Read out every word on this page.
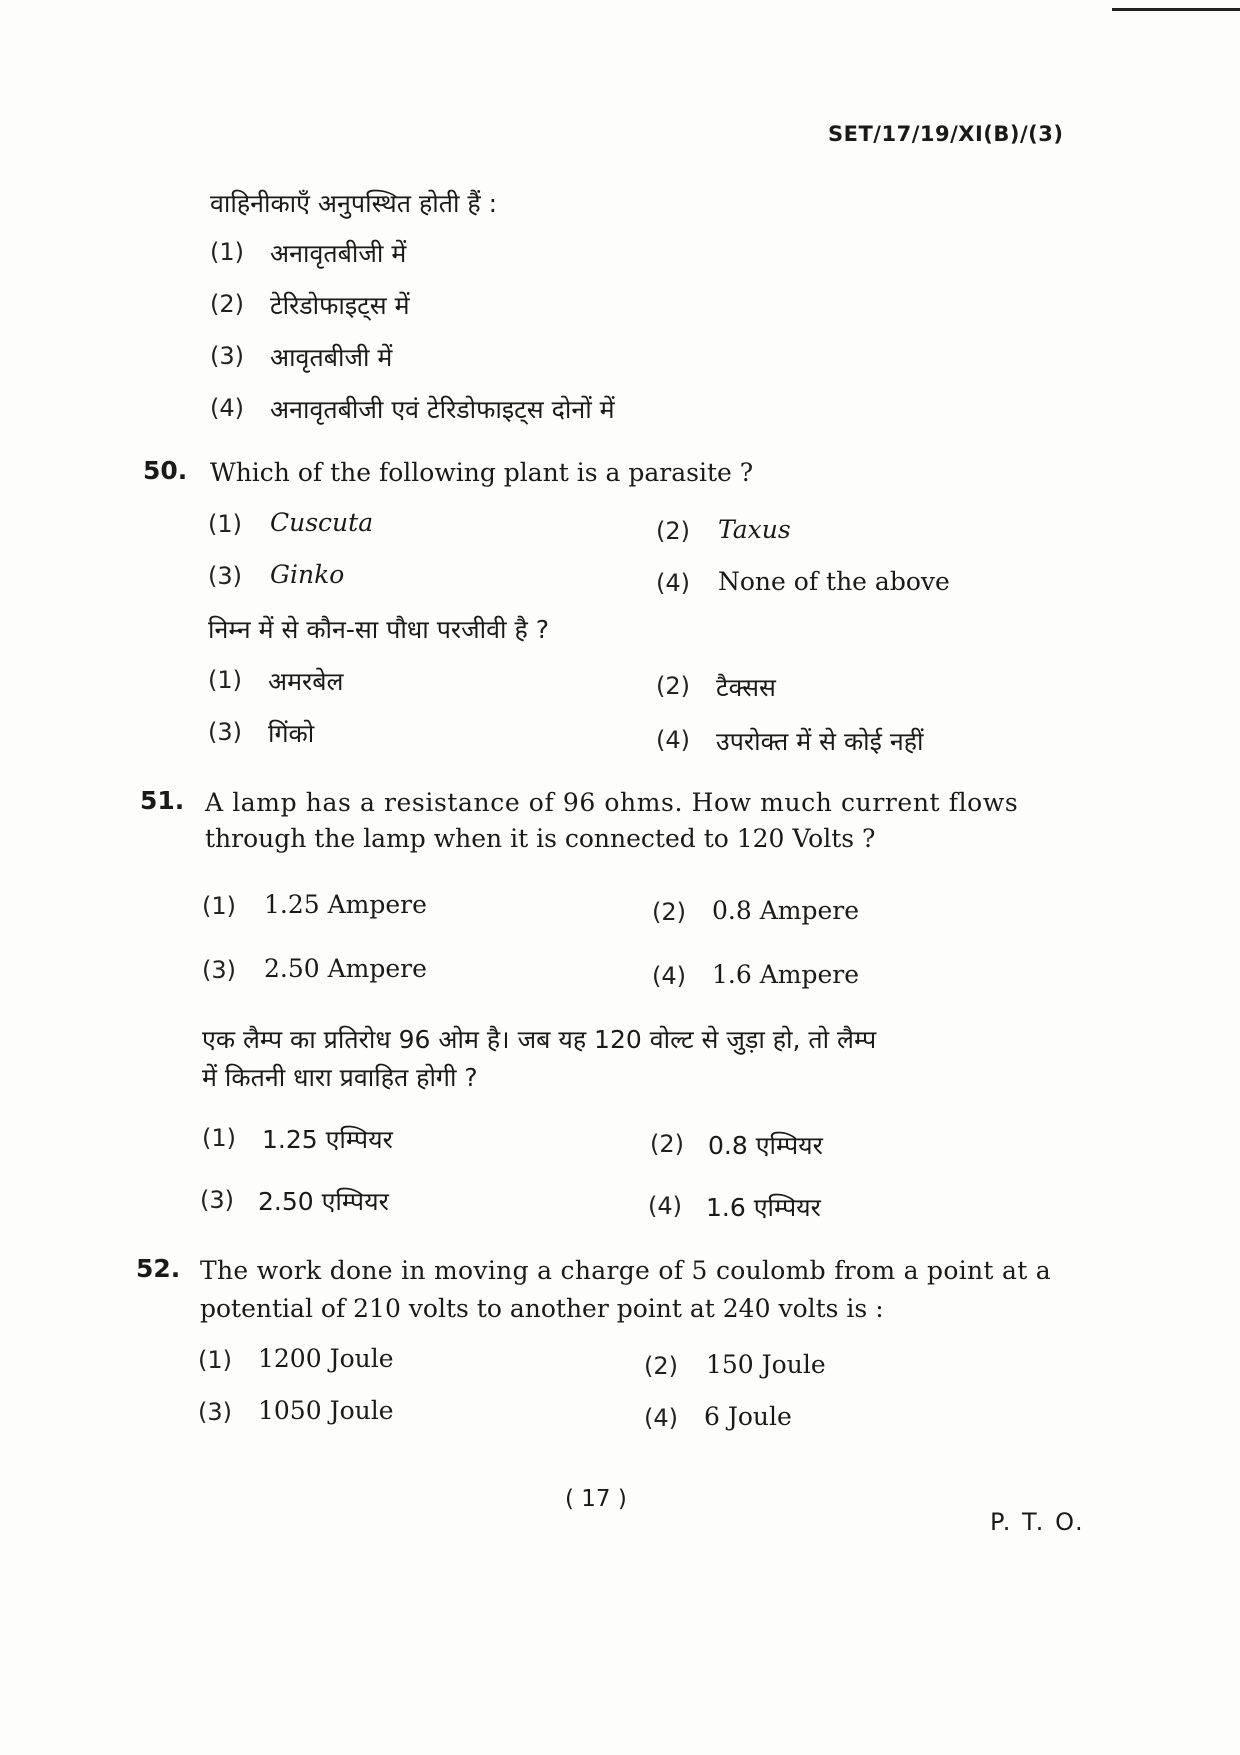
SET/17/19/XI(B)/(3)
वाहिनीकाएँ अनुपस्थित होती हैं :
(1) अनावृतबीजी में
(2) टेरिडोफाइट्स में
(3) आवृतबीजी में
(4) अनावृतबीजी एवं टेरिडोफाइट्स दोनों में
50. Which of the following plant is a parasite ?
(1) Cuscuta	(2) Taxus
(3) Ginko	(4) None of the above
निम्न में से कौन-सा पौधा परजीवी है ?
(1) अमरबेल	(2) टैक्सस
(3) गिंको	(4) उपरोक्त में से कोई नहीं
51. A lamp has a resistance of 96 ohms. How much current flows
through the lamp when it is connected to 120 Volts ?
(1) 1.25 Ampere	(2) 0.8 Ampere
(3) 2.50 Ampere	(4) 1.6 Ampere
एक लैम्प का प्रतिरोध 96 ओम है। जब यह 120 वोल्ट से जुड़ा हो, तो लैम्प
में कितनी धारा प्रवाहित होगी ?
(1) 1.25 एम्पियर	(2) 0.8 एम्पियर
(3) 2.50 एम्पियर	(4) 1.6 एम्पियर
52. The work done in moving a charge of 5 coulomb from a point at a
potential of 210 volts to another point at 240 volts is :
(1) 1200 Joule	(2) 150 Joule
(3) 1050 Joule	(4) 6 Joule
( 17 )
P. T. O.
